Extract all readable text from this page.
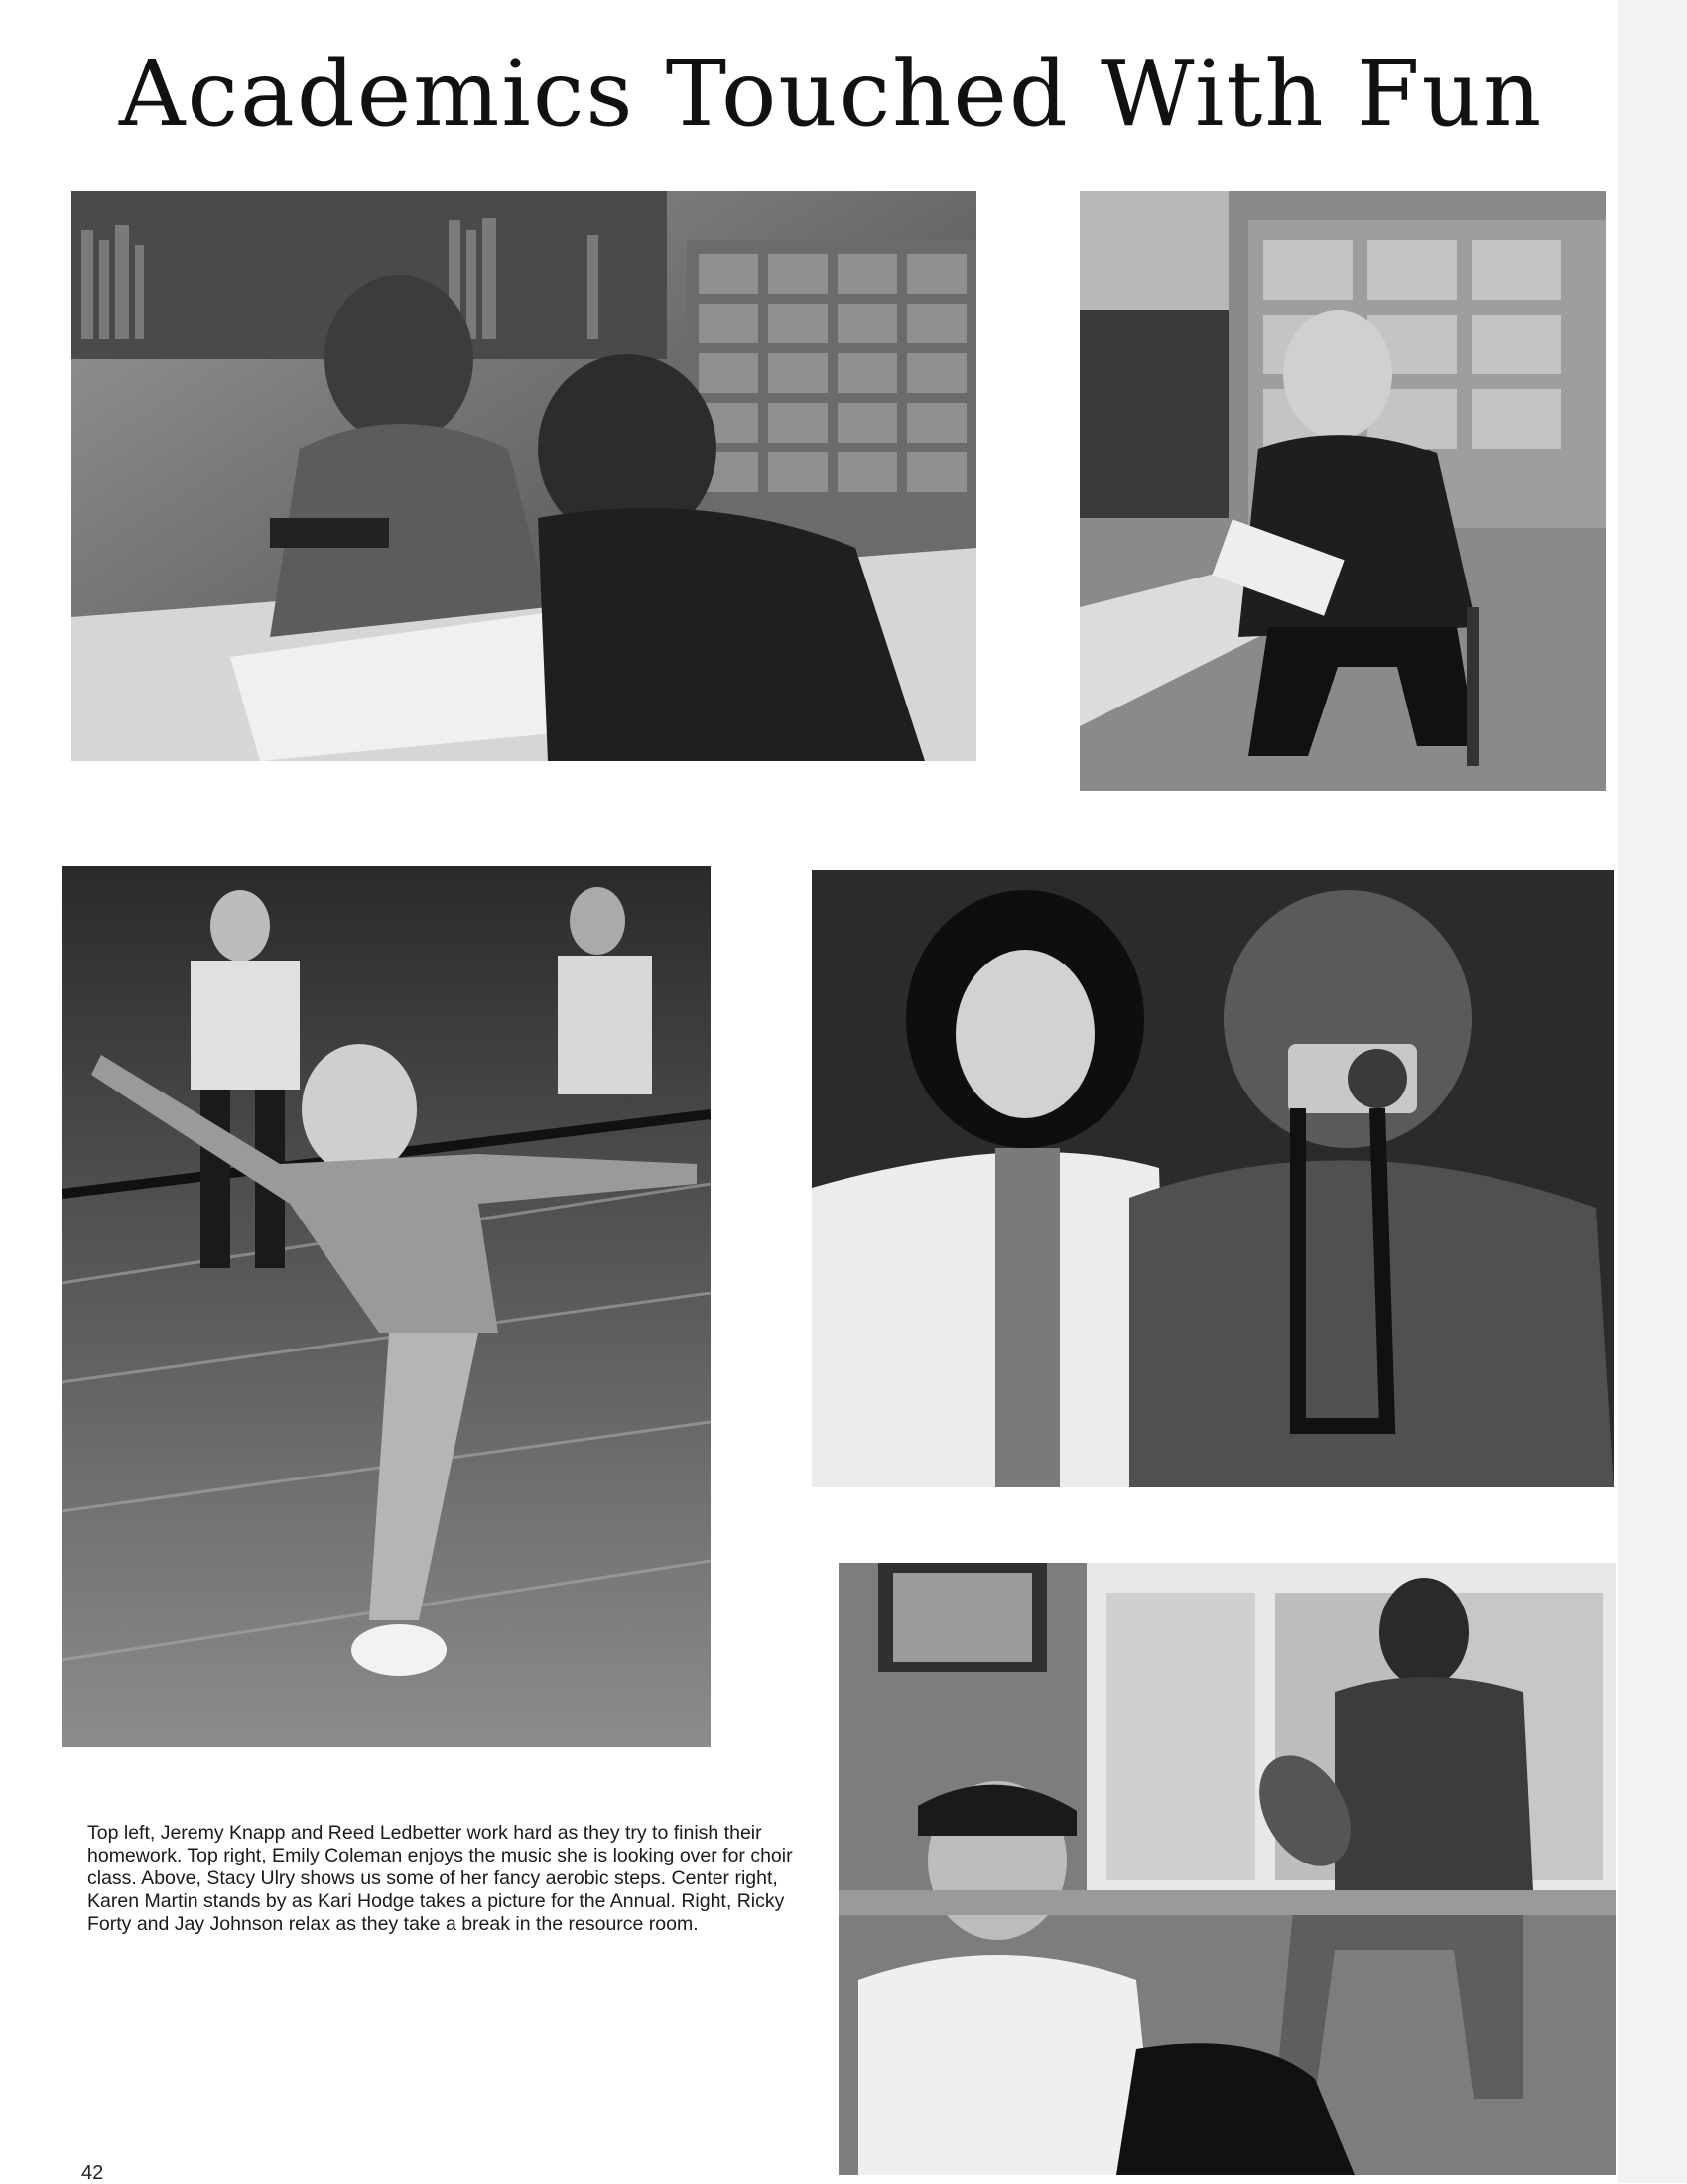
Academics Touched With Fun

Top left, Jeremy Knapp and Reed Ledbetter work hard as they try to finish their homework. Top right, Emily Coleman enjoys the music she is looking over for choir class. Above, Stacy Ulry shows us some of her fancy aerobic steps. Center right, Karen Martin stands by as Kari Hodge takes a picture for the Annual. Right, Ricky Forty and Jay Johnson relax as they take a break in the resource room.

42
